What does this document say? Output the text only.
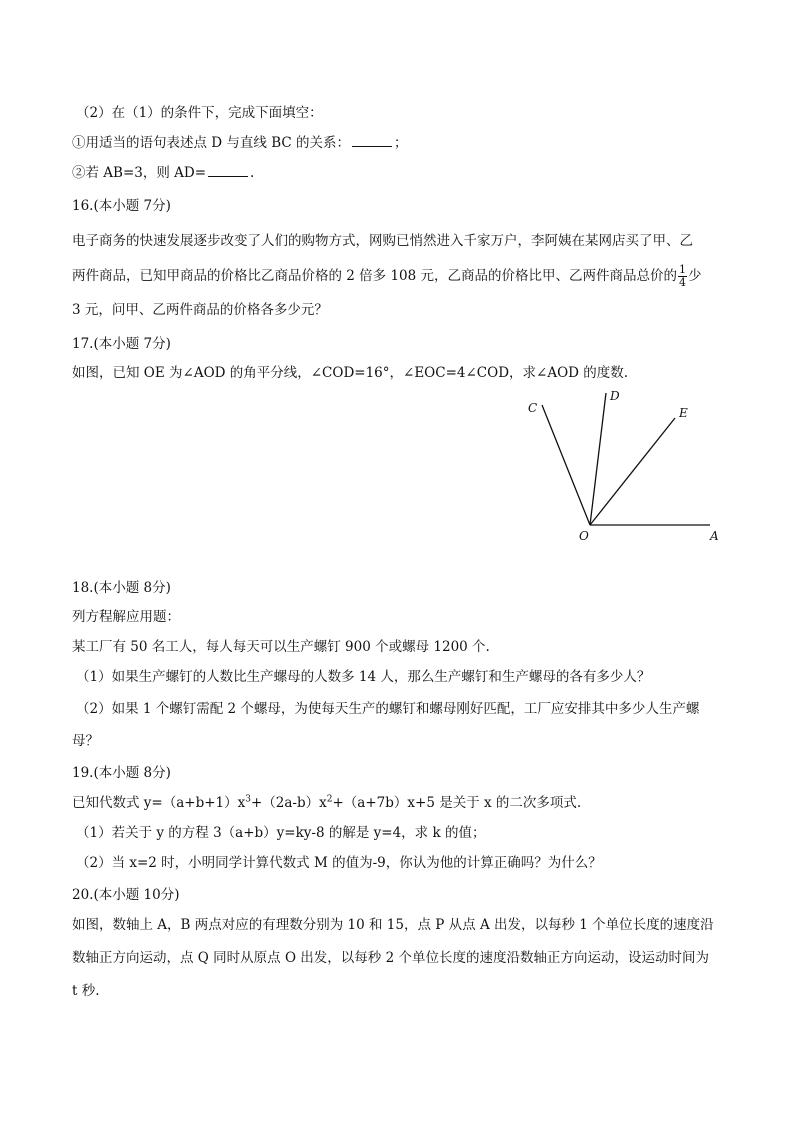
（2）在（1）的条件下，完成下面填空：
①用适当的语句表述点 D 与直线 BC 的关系：	；
②若 AB=3，则 AD=	.
16.(本小题 7分)
电子商务的快速发展逐步改变了人们的购物方式，网购已悄然进入千家万户，李阿姨在某网店买了甲、乙
两件商品，已知甲商品的价格比乙商品价格的 2 倍多 108 元，乙商品的价格比甲、乙两件商品总价的 $\frac{1}{4}$ 少
3 元，问甲、乙两件商品的价格各多少元？
17.(本小题 7分)
如图，已知 OE 为∠AOD 的角平分线，∠COD=16°，∠EOC=4∠COD，求∠AOD 的度数.
C
D
E
O	A
18.(本小题 8分)
列方程解应用题：
某工厂有 50 名工人，每人每天可以生产螺钉 900 个或螺母 1200 个.
（1）如果生产螺钉的人数比生产螺母的人数多 14 人，那么生产螺钉和生产螺母的各有多少人？
（2）如果 1 个螺钉需配 2 个螺母，为使每天生产的螺钉和螺母刚好匹配，工厂应安排其中多少人生产螺
母？
19.(本小题 8分)
已知代数式 $y=(a+b+1)x^3+(2a-b)x^2+(a+7b)x+5$ 是关于 x 的二次多项式.
（1）若关于 y 的方程 3（a+b）y=ky-8 的解是 y=4，求 k 的值；
（2）当 x=2 时，小明同学计算代数式 M 的值为-9，你认为他的计算正确吗？为什么？
20.(本小题 10分)
如图，数轴上 A，B 两点对应的有理数分别为 10 和 15，点 P 从点 A 出发，以每秒 1 个单位长度的速度沿
数轴正方向运动，点 Q 同时从原点 O 出发，以每秒 2 个单位长度的速度沿数轴正方向运动，设运动时间为
t 秒.
